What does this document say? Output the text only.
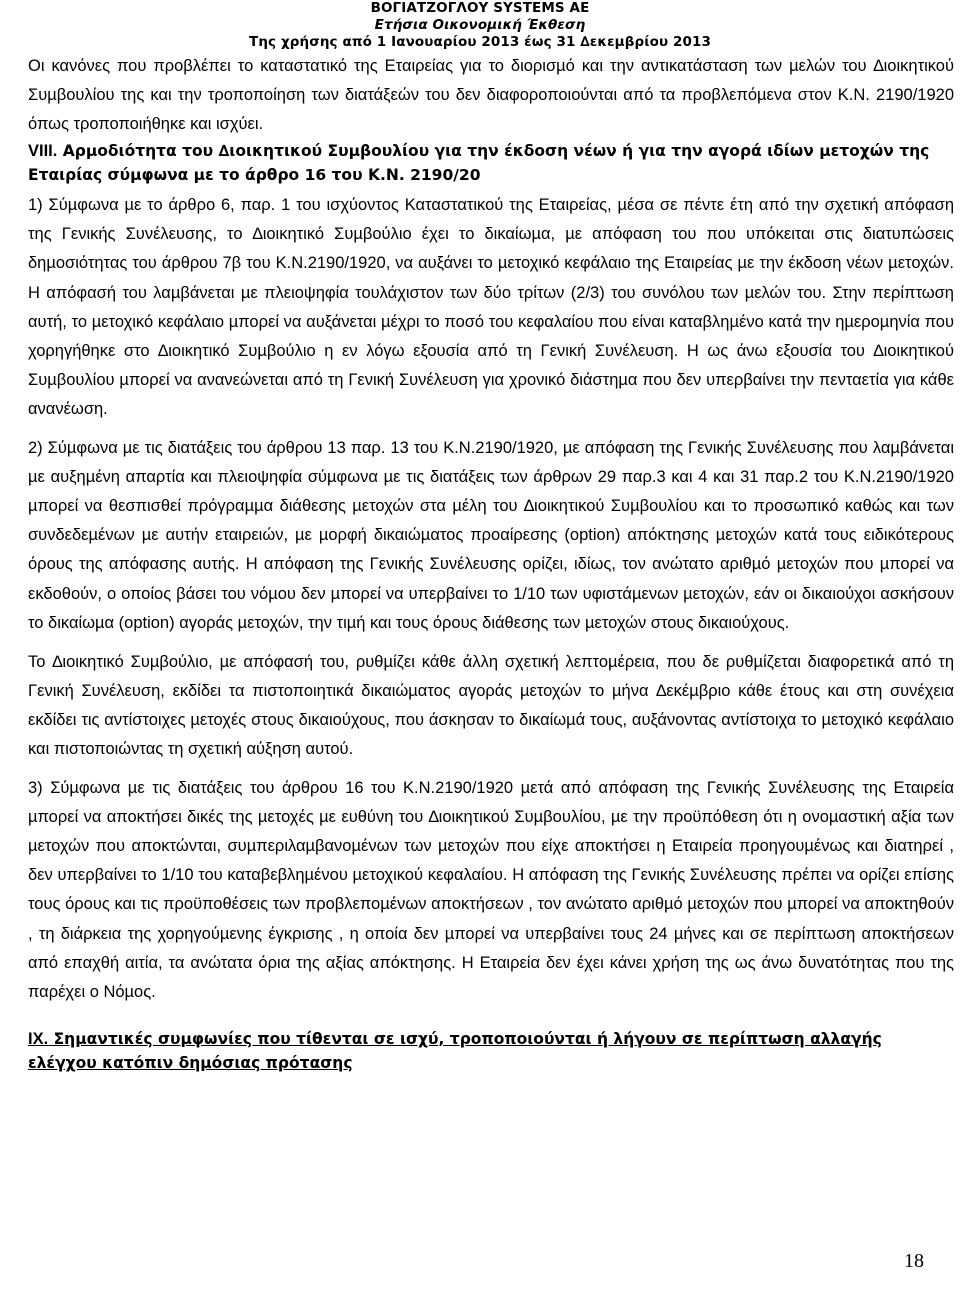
ΒΟΓΙΑΤΖΟΓΛΟΥ SYSTEMS AE
Ετήσια Οικονοµική Έκθεση
Της χρήσης από 1 Ιανουαρίου 2013 έως 31 ∆εκεµβρίου 2013

Οι κανόνες που προβλέπει το καταστατικό της Εταιρείας για το διορισµό και την αντικατάσταση των µελών του ∆ιοικητικού Συµβουλίου της και την τροποποίηση των διατάξεών του δεν διαφοροποιούνται από τα προβλεπόµενα στον Κ.Ν. 2190/1920 όπως τροποποιήθηκε και ισχύει.

VIII. Αρµοδιότητα του ∆ιοικητικού Συµβουλίου για την έκδοση νέων ή για την αγορά ιδίων µετοχών της Εταιρίας σύµφωνα µε το άρθρο 16 του Κ.Ν. 2190/20

1) Σύµφωνα µε το άρθρο 6, παρ. 1 του ισχύοντος Καταστατικού της Εταιρείας, µέσα σε πέντε έτη από την σχετική απόφαση της Γενικής Συνέλευσης, το ∆ιοικητικό Συµβούλιο έχει το δικαίωµα, µε απόφαση του που υπόκειται στις διατυπώσεις δηµοσιότητας του άρθρου 7β του Κ.Ν.2190/1920, να αυξάνει το µετοχικό κεφάλαιο της Εταιρείας µε την έκδοση νέων µετοχών. Η απόφασή του λαµβάνεται µε πλειοψηφία τουλάχιστον των δύο τρίτων (2/3) του συνόλου των µελών του. Στην περίπτωση αυτή, το µετοχικό κεφάλαιο µπορεί να αυξάνεται µέχρι το ποσό του κεφαλαίου που είναι καταβληµένο κατά την ηµεροµηνία που χορηγήθηκε στο ∆ιοικητικό Συµβούλιο η εν λόγω εξουσία από τη Γενική Συνέλευση. Η ως άνω εξουσία του ∆ιοικητικού Συµβουλίου µπορεί να ανανεώνεται από τη Γενική Συνέλευση για χρονικό διάστηµα που δεν υπερβαίνει την πενταετία για κάθε ανανέωση.

2) Σύµφωνα µε τις διατάξεις του άρθρου 13 παρ. 13 του Κ.Ν.2190/1920, µε απόφαση της Γενικής Συνέλευσης που λαµβάνεται µε αυξηµένη απαρτία και πλειοψηφία σύµφωνα µε τις διατάξεις των άρθρων 29 παρ.3 και 4 και 31 παρ.2 του Κ.Ν.2190/1920 µπορεί να θεσπισθεί πρόγραµµα διάθεσης µετοχών στα µέλη του ∆ιοικητικού Συµβουλίου και το προσωπικό καθώς και των συνδεδεµένων µε αυτήν εταιρειών, µε µορφή δικαιώµατος προαίρεσης (option) απόκτησης µετοχών κατά τους ειδικότερους όρους της απόφασης αυτής. Η απόφαση της Γενικής Συνέλευσης ορίζει, ιδίως, τον ανώτατο αριθµό µετοχών που µπορεί να εκδοθούν, ο οποίος βάσει του νόµου δεν µπορεί να υπερβαίνει το 1/10 των υφιστάµενων µετοχών, εάν οι δικαιούχοι ασκήσουν το δικαίωµα (option) αγοράς µετοχών, την τιµή και τους όρους διάθεσης των µετοχών στους δικαιούχους.

Το ∆ιοικητικό Συµβούλιο, µε απόφασή του, ρυθµίζει κάθε άλλη σχετική λεπτοµέρεια, που δε ρυθµίζεται διαφορετικά από τη Γενική Συνέλευση, εκδίδει τα πιστοποιητικά δικαιώµατος αγοράς µετοχών το µήνα ∆εκέµβριο κάθε έτους και στη συνέχεια εκδίδει τις αντίστοιχες µετοχές στους δικαιούχους, που άσκησαν το δικαίωµά τους, αυξάνοντας αντίστοιχα το µετοχικό κεφάλαιο και πιστοποιώντας τη σχετική αύξηση αυτού.

3) Σύµφωνα µε τις διατάξεις του άρθρου 16 του Κ.Ν.2190/1920 µετά από απόφαση της Γενικής Συνέλευσης της Εταιρεία µπορεί να αποκτήσει δικές της µετοχές µε ευθύνη του ∆ιοικητικού Συµβουλίου, µε την προϋπόθεση ότι η ονοµαστική αξία των µετοχών που αποκτώνται, συµπεριλαµβανοµένων των µετοχών που είχε αποκτήσει η Εταιρεία προηγουµένως και διατηρεί , δεν υπερβαίνει το 1/10 του καταβεβληµένου µετοχικού κεφαλαίου. Η απόφαση της Γενικής Συνέλευσης πρέπει να ορίζει επίσης τους όρους και τις προϋποθέσεις των προβλεποµένων αποκτήσεων , τον ανώτατο αριθµό µετοχών που µπορεί να αποκτηθούν , τη διάρκεια της χορηγούµενης έγκρισης , η οποία δεν µπορεί να υπερβαίνει τους 24 µήνες και σε περίπτωση αποκτήσεων από επαχθή αιτία, τα ανώτατα όρια της αξίας απόκτησης. Η Εταιρεία δεν έχει κάνει χρήση της ως άνω δυνατότητας που της παρέχει ο Νόµος.

IX. Σηµαντικές συµφωνίες που τίθενται σε ισχύ, τροποποιούνται ή λήγουν σε περίπτωση αλλαγής ελέγχου κατόπιν δηµόσιας πρότασης

18
